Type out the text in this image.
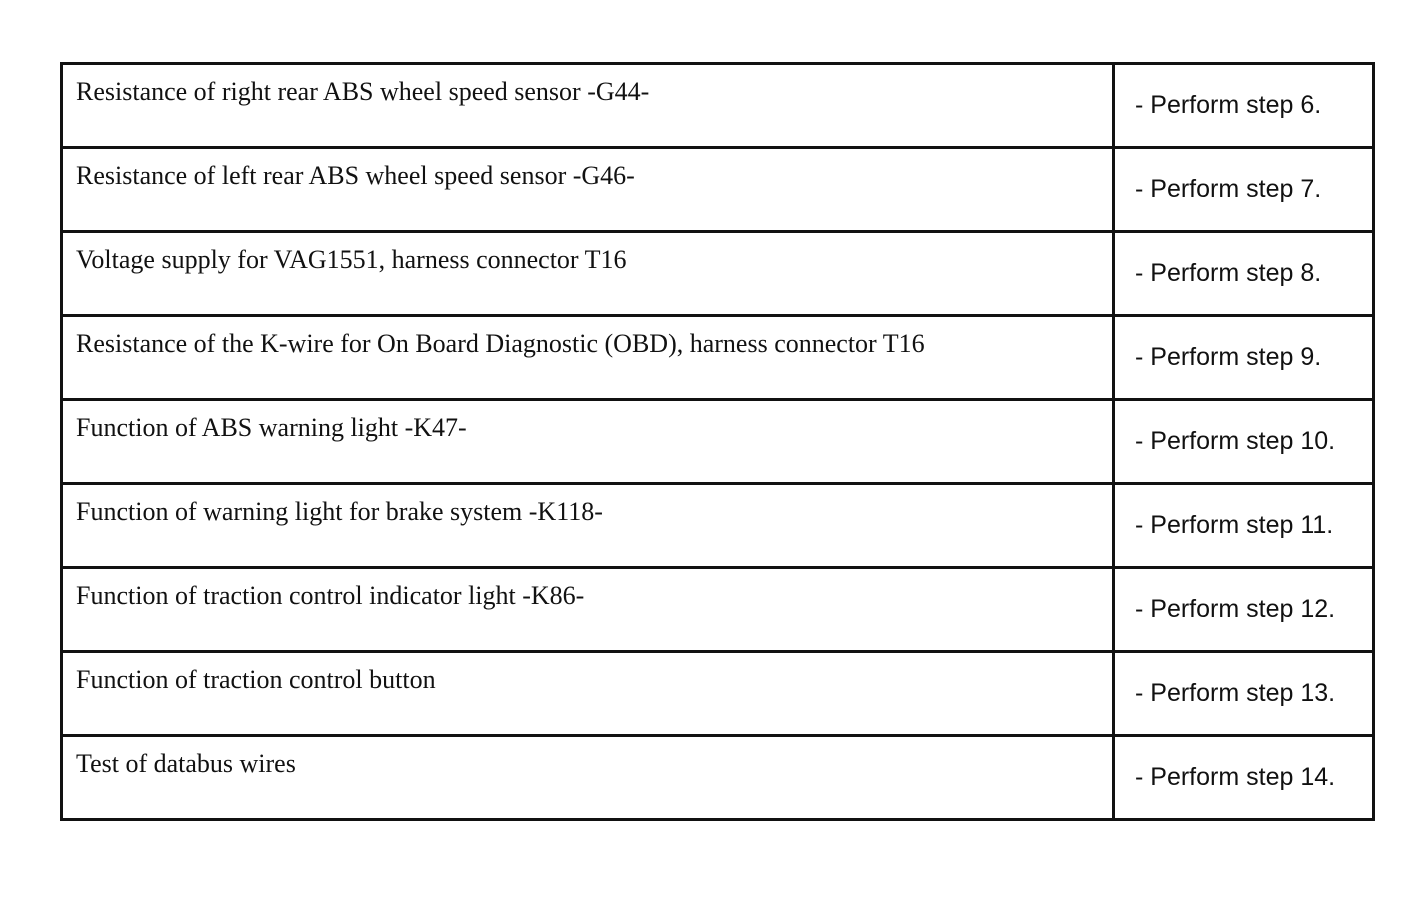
Resistance of right rear ABS wheel speed sensor -G44-	- Perform step 6.
Resistance of left rear ABS wheel speed sensor -G46-	- Perform step 7.
Voltage supply for VAG1551, harness connector T16	- Perform step 8.
Resistance of the K-wire for On Board Diagnostic (OBD), harness connector T16	- Perform step 9.
Function of ABS warning light -K47-	- Perform step 10.
Function of warning light for brake system -K118-	- Perform step 11.
Function of traction control indicator light -K86-	- Perform step 12.
Function of traction control button	- Perform step 13.
Test of databus wires	- Perform step 14.
